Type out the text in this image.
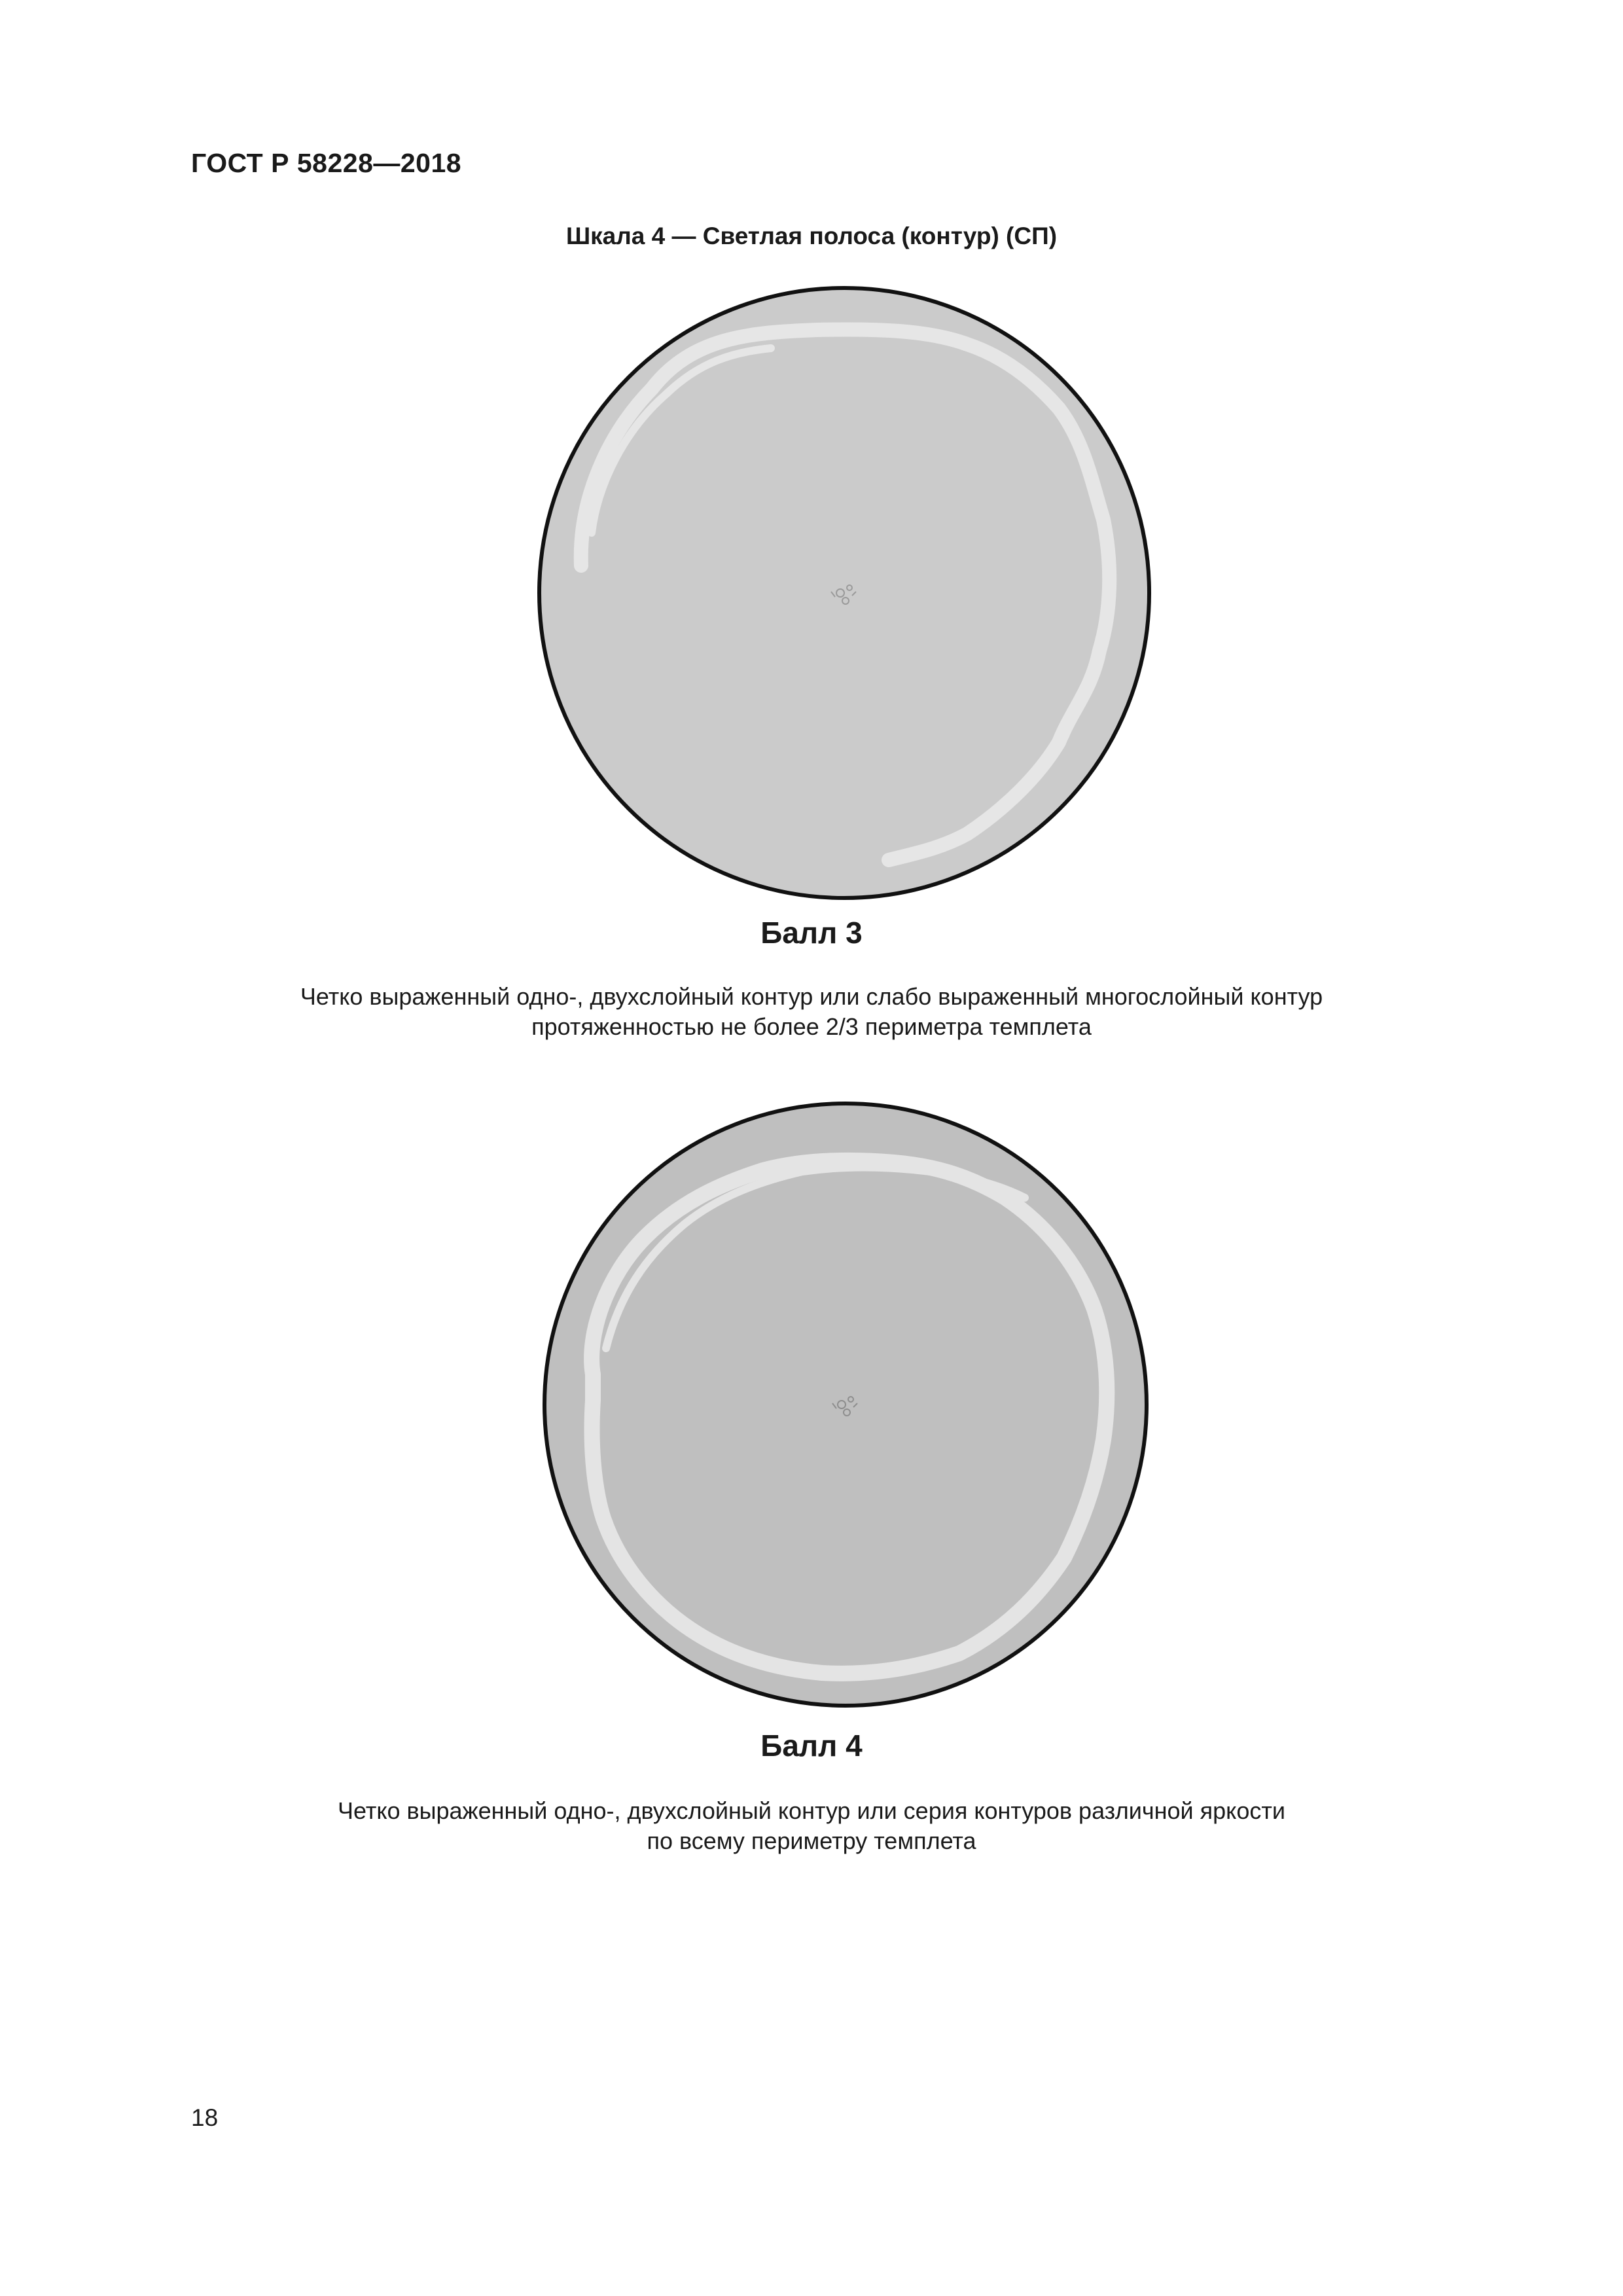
ГОСТ Р 58228—2018
Шкала 4 — Светлая полоса (контур) (СП)
Балл 3
Четко выраженный одно-, двухслойный контур или слабо выраженный многослойный контур
протяженностью не более 2/3 периметра темплета
Балл 4
Четко выраженный одно-, двухслойный контур или серия контуров различной яркости
по всему периметру темплета
18
